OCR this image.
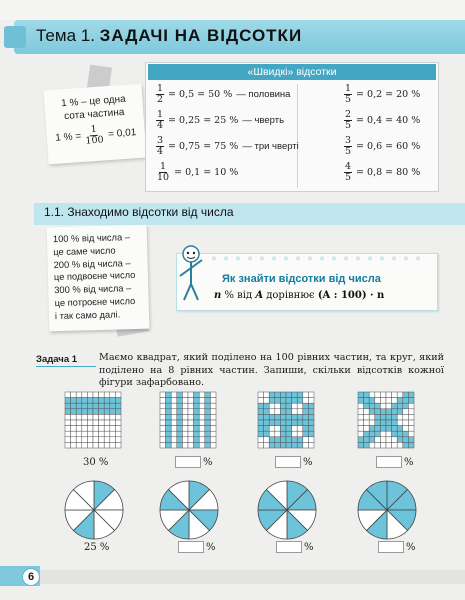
Тема 1. ЗАДАЧІ НА ВІДСОТКИ
1 % – це одна
сота частина
1 % = $\frac{1}{100} = 0,01$
«Швидкі» відсотки
$\frac{1}{2} = 0,5 = 50$ % — половина
$\frac{1}{4} = 0,25 = 25$ % — чверть
$\frac{3}{4} = 0,75 = 75$ % — три чверті
$\frac{1}{10} = 0,1 = 10$ %
$\frac{1}{5} = 0,2 = 20$ %
$\frac{2}{5} = 0,4 = 40$ %
$\frac{3}{5} = 0,6 = 60$ %
$\frac{4}{5} = 0,8 = 80$ %
1.1. Знаходимо відсотки від числа
100 % від числа –
це саме число
200 % від числа –
це подвоєне число
300 % від числа –
це потроєне число
і так само далі.
Як знайти відсотки від числа
n % від A дорівнює (A : 100) · n
Задача 1 Маємо квадрат, який поділено на 100 рівних частин, та круг, який поділено на 8 рівних частин. Запиши, скільки відсотків кожної фігури зафарбовано.
30 %	%	%	%
25 %	%	%	%
6
